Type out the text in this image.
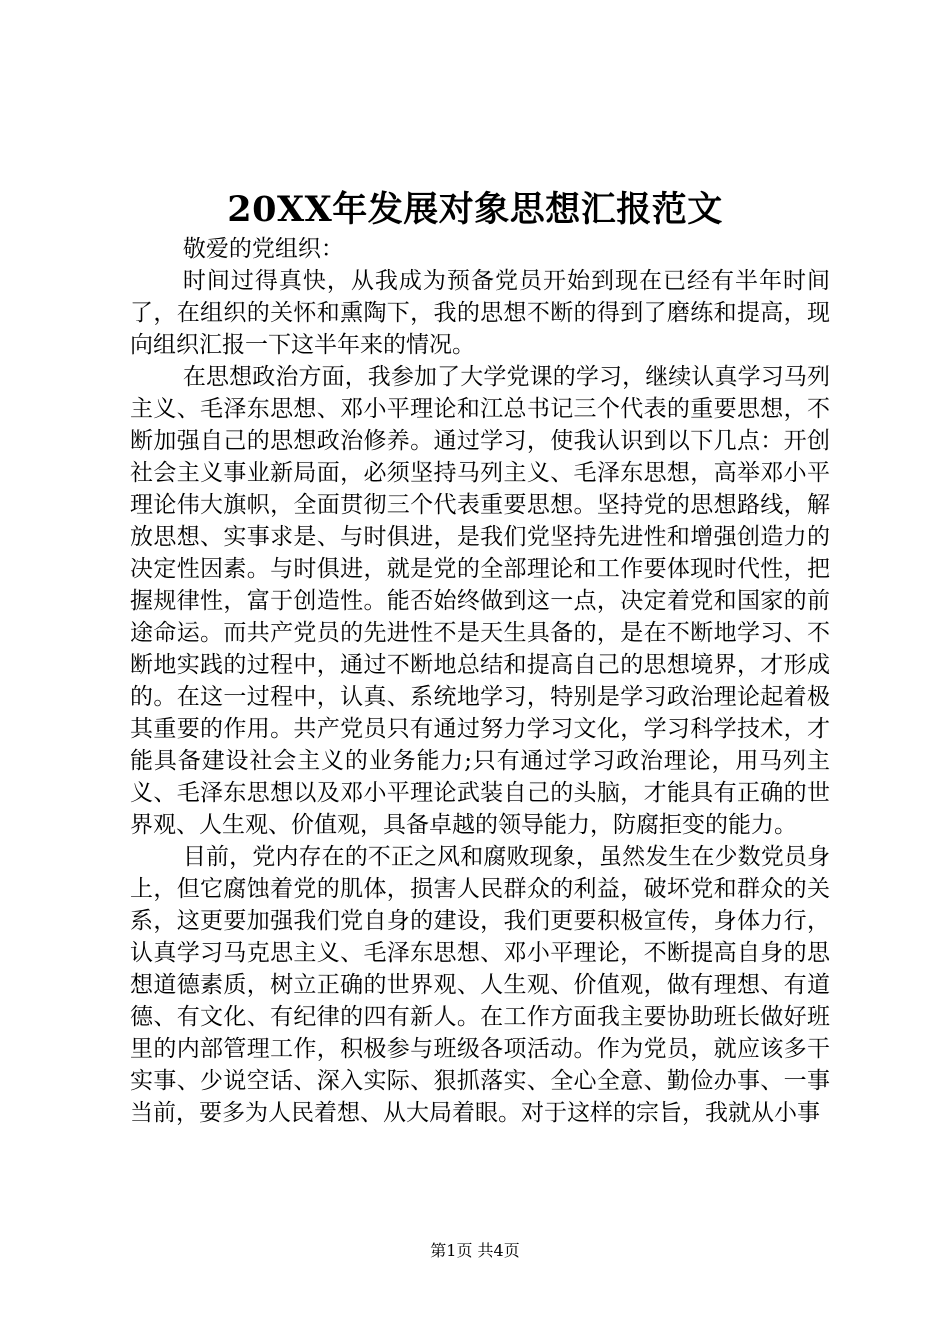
20XX年发展对象思想汇报范文

敬爱的党组织：

时间过得真快，从我成为预备党员开始到现在已经有半年时间了，在组织的关怀和熏陶下，我的思想不断的得到了磨练和提高，现向组织汇报一下这半年来的情况。

在思想政治方面，我参加了大学党课的学习，继续认真学习马列主义、毛泽东思想、邓小平理论和江总书记三个代表的重要思想，不断加强自己的思想政治修养。通过学习，使我认识到以下几点：开创社会主义事业新局面，必须坚持马列主义、毛泽东思想，高举邓小平理论伟大旗帜，全面贯彻三个代表重要思想。坚持党的思想路线，解放思想、实事求是、与时俱进，是我们党坚持先进性和增强创造力的决定性因素。与时俱进，就是党的全部理论和工作要体现时代性，把握规律性，富于创造性。能否始终做到这一点，决定着党和国家的前途命运。而共产党员的先进性不是天生具备的，是在不断地学习、不断地实践的过程中，通过不断地总结和提高自己的思想境界，才形成的。在这一过程中，认真、系统地学习，特别是学习政治理论起着极其重要的作用。共产党员只有通过努力学习文化，学习科学技术，才能具备建设社会主义的业务能力;只有通过学习政治理论，用马列主义、毛泽东思想以及邓小平理论武装自己的头脑，才能具有正确的世界观、人生观、价值观，具备卓越的领导能力，防腐拒变的能力。

目前，党内存在的不正之风和腐败现象，虽然发生在少数党员身上，但它腐蚀着党的肌体，损害人民群众的利益，破坏党和群众的关系，这更要加强我们党自身的建设，我们更要积极宣传，身体力行，认真学习马克思主义、毛泽东思想、邓小平理论，不断提高自身的思想道德素质，树立正确的世界观、人生观、价值观，做有理想、有道德、有文化、有纪律的四有新人。在工作方面我主要协助班长做好班里的内部管理工作，积极参与班级各项活动。作为党员，就应该多干实事、少说空话、深入实际、狠抓落实、全心全意、勤俭办事、一事当前，要多为人民着想、从大局着眼。对于这样的宗旨，我就从小事

第1页 共4页
